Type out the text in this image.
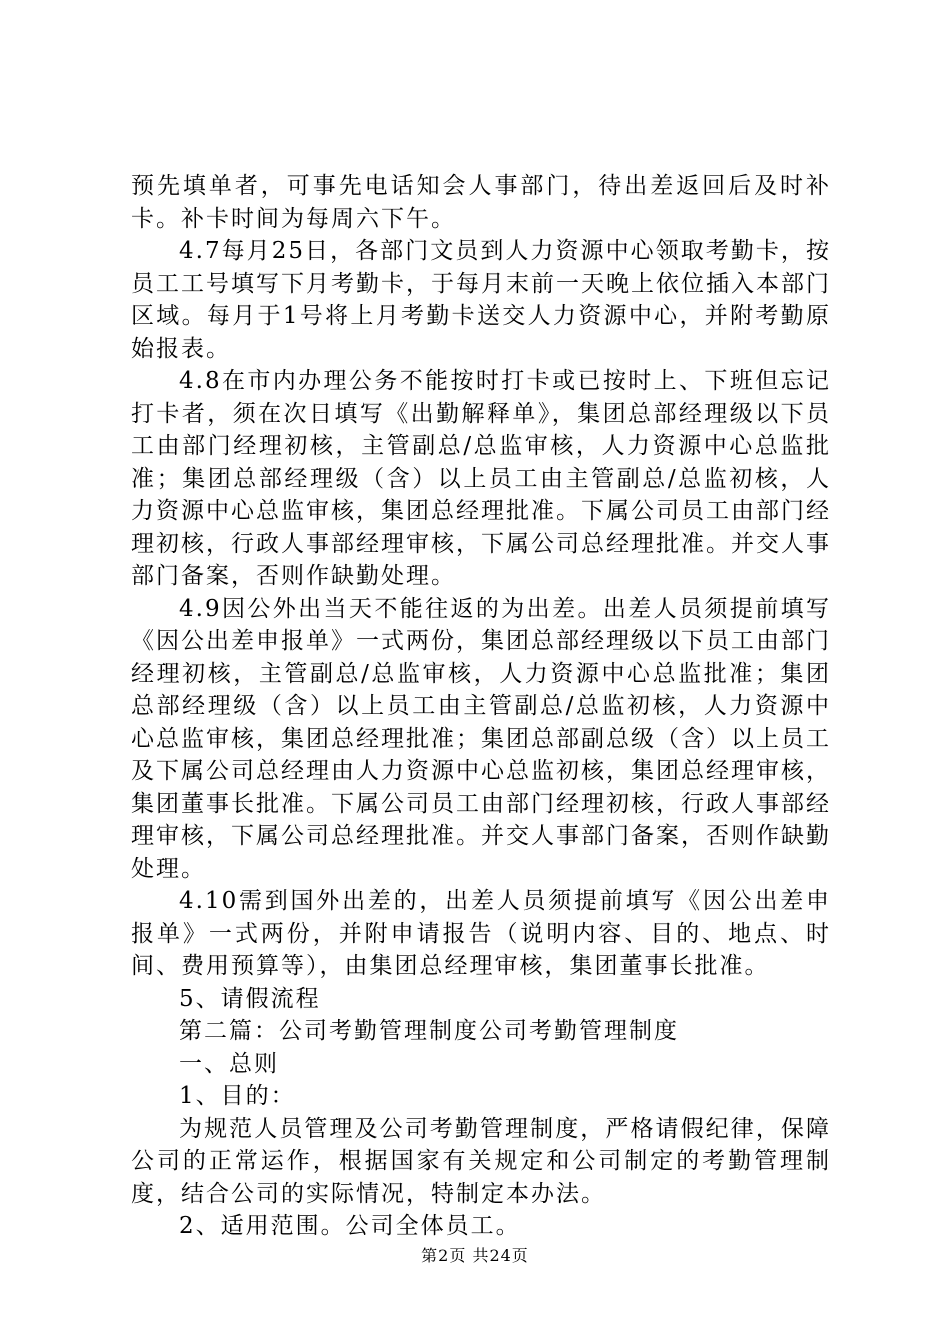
预先填单者，可事先电话知会人事部门，待出差返回后及时补卡。补卡时间为每周六下午。

4.7每月25日，各部门文员到人力资源中心领取考勤卡，按员工工号填写下月考勤卡，于每月末前一天晚上依位插入本部门区域。每月于1号将上月考勤卡送交人力资源中心，并附考勤原始报表。

4.8在市内办理公务不能按时打卡或已按时上、下班但忘记打卡者，须在次日填写《出勤解释单》，集团总部经理级以下员工由部门经理初核，主管副总/总监审核，人力资源中心总监批准；集团总部经理级（含）以上员工由主管副总/总监初核，人力资源中心总监审核，集团总经理批准。下属公司员工由部门经理初核，行政人事部经理审核，下属公司总经理批准。并交人事部门备案，否则作缺勤处理。

4.9因公外出当天不能往返的为出差。出差人员须提前填写《因公出差申报单》一式两份，集团总部经理级以下员工由部门经理初核，主管副总/总监审核，人力资源中心总监批准；集团总部经理级（含）以上员工由主管副总/总监初核，人力资源中心总监审核，集团总经理批准；集团总部副总级（含）以上员工及下属公司总经理由人力资源中心总监初核，集团总经理审核，集团董事长批准。下属公司员工由部门经理初核，行政人事部经理审核，下属公司总经理批准。并交人事部门备案，否则作缺勤处理。

4.10需到国外出差的，出差人员须提前填写《因公出差申报单》一式两份，并附申请报告（说明内容、目的、地点、时间、费用预算等），由集团总经理审核，集团董事长批准。

5、请假流程

第二篇：公司考勤管理制度公司考勤管理制度

一、总则

1、目的：

为规范人员管理及公司考勤管理制度，严格请假纪律，保障公司的正常运作，根据国家有关规定和公司制定的考勤管理制度，结合公司的实际情况，特制定本办法。

2、适用范围。公司全体员工。

第2页 共24页
